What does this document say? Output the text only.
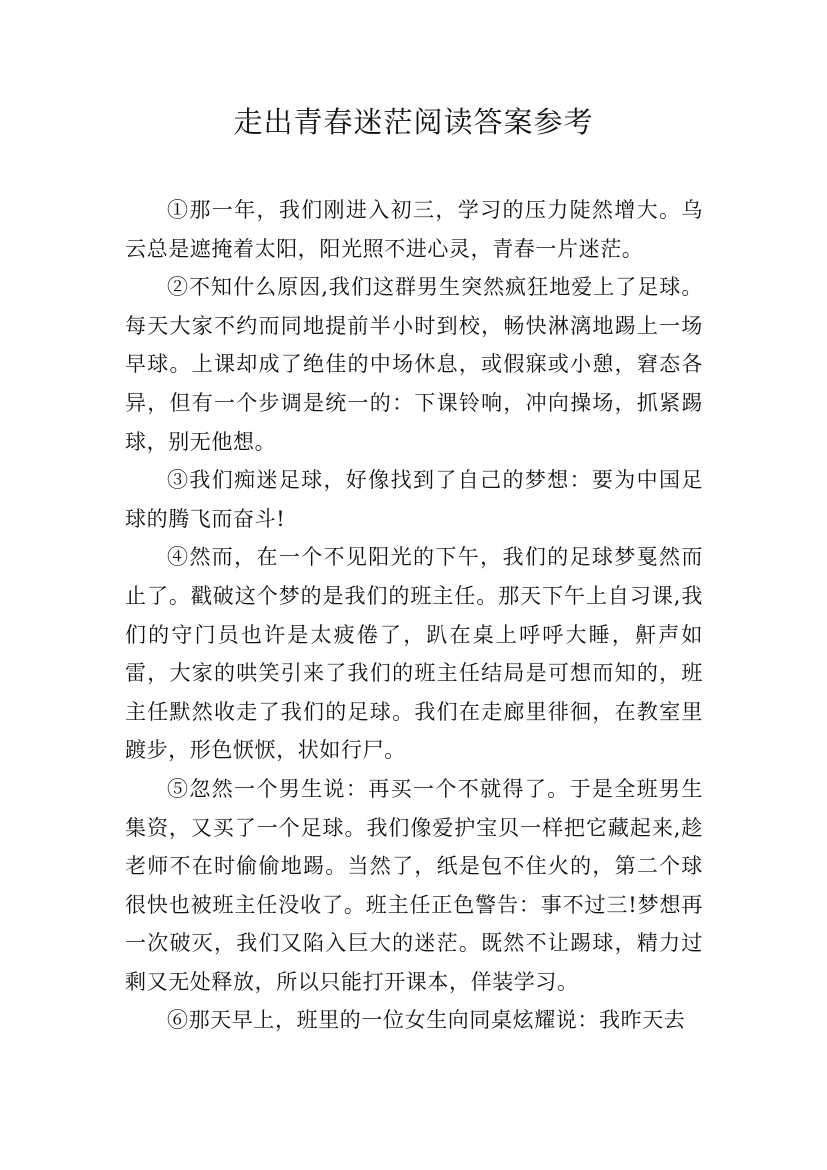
走出青春迷茫阅读答案参考

①那一年，我们刚进入初三，学习的压力陡然增大。乌云总是遮掩着太阳，阳光照不进心灵，青春一片迷茫。

②不知什么原因,我们这群男生突然疯狂地爱上了足球。每天大家不约而同地提前半小时到校，畅快淋漓地踢上一场早球。上课却成了绝佳的中场休息，或假寐或小憩，窘态各异，但有一个步调是统一的：下课铃响，冲向操场，抓紧踢球，别无他想。

③我们痴迷足球，好像找到了自己的梦想：要为中国足球的腾飞而奋斗!

④然而，在一个不见阳光的下午，我们的足球梦戛然而止了。戳破这个梦的是我们的班主任。那天下午上自习课,我们的守门员也许是太疲倦了，趴在桌上呼呼大睡，鼾声如雷，大家的哄笑引来了我们的班主任结局是可想而知的，班主任默然收走了我们的足球。我们在走廊里徘徊，在教室里踱步，形色恹恹，状如行尸。

⑤忽然一个男生说：再买一个不就得了。于是全班男生集资，又买了一个足球。我们像爱护宝贝一样把它藏起来,趁老师不在时偷偷地踢。当然了，纸是包不住火的，第二个球很快也被班主任没收了。班主任正色警告：事不过三!梦想再一次破灭，我们又陷入巨大的迷茫。既然不让踢球，精力过剩又无处释放，所以只能打开课本，佯装学习。

⑥那天早上，班里的一位女生向同桌炫耀说：我昨天去
